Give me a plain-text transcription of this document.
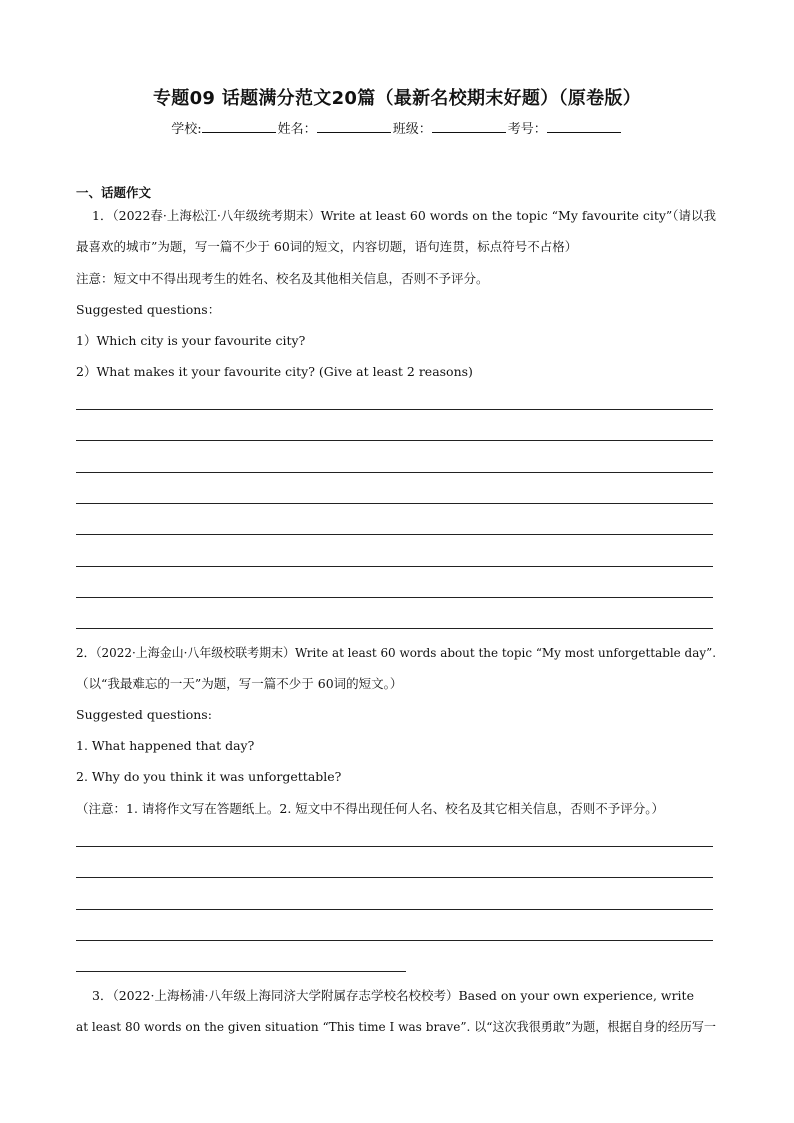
专题09 话题满分范文20篇（最新名校期末好题）（原卷版）
学校:	姓名：	班级：	考号：
一、话题作文
1．（2022春·上海松江·八年级统考期末）Write at least 60 words on the topic “My favourite city”（请以我
最喜欢的城市”为题，写一篇不少于 60词的短文，内容切题，语句连贯，标点符号不占格）
注意：短文中不得出现考生的姓名、校名及其他相关信息，否则不予评分。
Suggested questions：
1）Which city is your favourite city?
2）What makes it your favourite city? (Give at least 2 reasons)
2．（2022·上海金山·八年级校联考期末）Write at least 60 words about the topic “My most unforgettable day”.
（以“我最难忘的一天”为题，写一篇不少于 60词的短文。）
Suggested questions:
1. What happened that day?
2. Why do you think it was unforgettable?
（注意：1. 请将作文写在答题纸上。2. 短文中不得出现任何人名、校名及其它相关信息，否则不予评分。）
3．（2022·上海杨浦·八年级上海同济大学附属存志学校名校校考）Based on your own experience, write
at least 80 words on the given situation “This time I was brave”. 以“这次我很勇敢”为题，根据自身的经历写一
